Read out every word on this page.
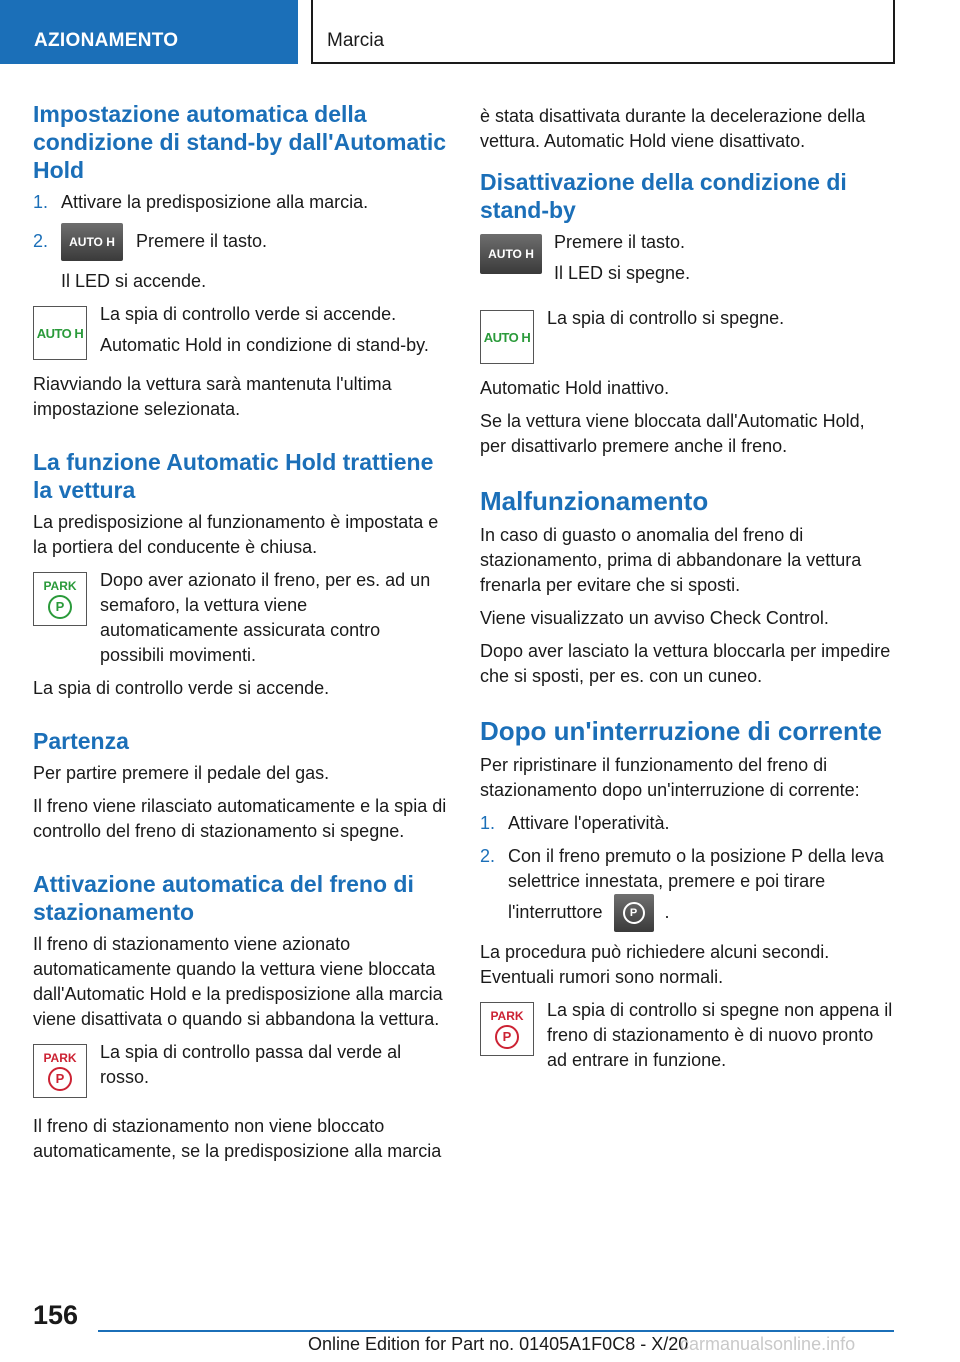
AZIONAMENTO	Marcia
Impostazione automatica della condizione di stand-by dall'Automatic Hold
1. Attivare la predisposizione alla marcia.
2.	AUTO H Premere il tasto.

Il LED si accende.

AUTO H

La spia di controllo verde si accende.

Automatic Hold in condizione di stand-by.

Riavviando la vettura sarà mantenuta l'ultima impostazione selezionata.

La funzione Automatic Hold trattiene la vettura

La predisposizione al funzionamento è impostata e la portiera del conducente è chiusa.

PARK
P
Dopo aver azionato il freno, per es. ad un semaforo, la vettura viene automaticamente assicurata contro possibili movimenti.

La spia di controllo verde si accende.

Partenza

Per partire premere il pedale del gas.

Il freno viene rilasciato automaticamente e la spia di controllo del freno di stazionamento si spegne.

Attivazione automatica del freno di stazionamento

Il freno di stazionamento viene azionato automaticamente quando la vettura viene bloccata dall'Automatic Hold e la predisposizione alla marcia viene disattivata o quando si abbandona la vettura.

PARK
P
La spia di controllo passa dal verde al rosso.

Il freno di stazionamento non viene bloccato automaticamente, se la predisposizione alla marcia

è stata disattivata durante la decelerazione della vettura. Automatic Hold viene disattivato.

Disattivazione della condizione di stand-by
AUTO H

Premere il tasto.

Il LED si spegne.

AUTO H
La spia di controllo si spegne.

Automatic Hold inattivo.

Se la vettura viene bloccata dall'Automatic Hold, per disattivarlo premere anche il freno.

Malfunzionamento

In caso di guasto o anomalia del freno di stazionamento, prima di abbandonare la vettura frenarla per evitare che si sposti.

Viene visualizzato un avviso Check Control.

Dopo aver lasciato la vettura bloccarla per impedire che si sposti, per es. con un cuneo.

Dopo un'interruzione di corrente

Per ripristinare il funzionamento del freno di stazionamento dopo un'interruzione di corrente:

1. Attivare l'operatività.
2. Con il freno premuto o la posizione P della leva selettrice innestata, premere e poi tirare l'interruttore	P	.

La procedura può richiedere alcuni secondi. Eventuali rumori sono normali.

PARK
P
La spia di controllo si spegne non appena il freno di stazionamento è di nuovo pronto ad entrare in funzione.
156
Online Edition for Part no. 01405A1F0C8 - X/20
carmanualsonline.info
